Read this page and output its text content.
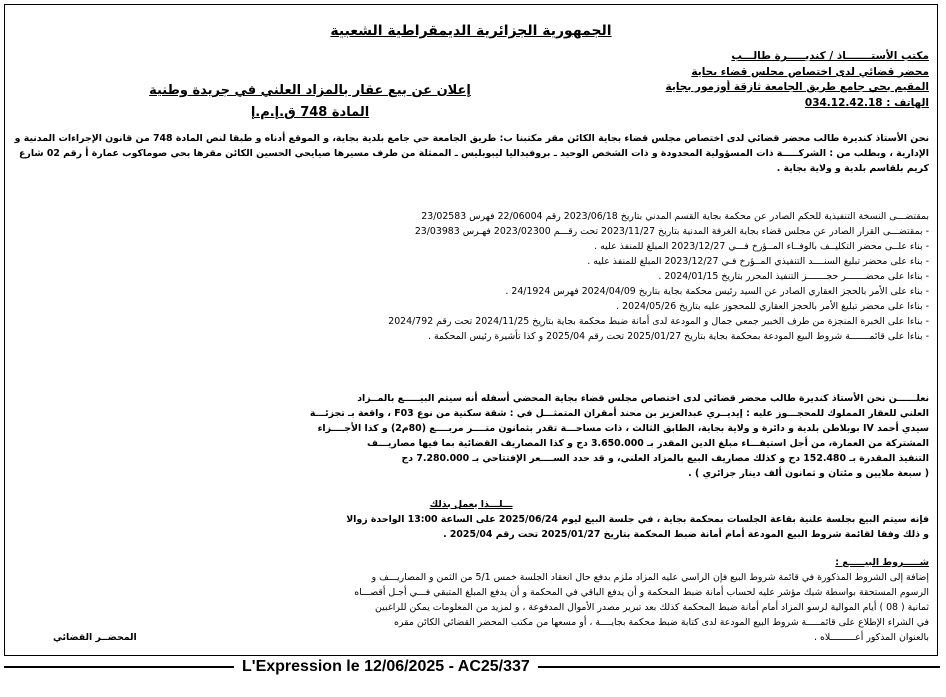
الجمهورية الجزائرية الديمقراطية الشعبية
مكتب الأستـــــــاذ / كنديـــــرة طالـــب
محضر قضائي لدى اختصاص مجلس قضاء بجاية
المقيم بحي جامع طريق الجامعة ثازقة أوزمور بجاية
الهاتف : 034.12.42.18
إعلان عن بيع عقار بالمزاد العلني في جريدة وطنية
المادة 748 ق.إ.م.إ
نحن الأستاذ كنديرة طالب محضر قضائي لدى اختصاص مجلس قضاء بجاية الكائن مقر مكتبنا ب: طريق الجامعة حي جامع بلدية بجاية، و الموقع أدناه و طبقا لنص المادة 748 من قانون الإجراءات المدنية و الإدارية ، وبطلب من : الشركـــــة ذات المسؤولية المحدودة و ذات الشخص الوحيد ـ بروفيداليا ليبوبليس ـ الممثلة من طرف مسيرها صيايحي الحسين الكائن مقرها بحي صوماكوب عمارة أ رقم 02 شارع كريم بلقاسم بلدية و ولاية بجاية .
بمقتضـــى النسخة التنفيذية للحكم الصادر عن محكمة بجاية القسم المدني بتاريخ 2023/06/18 رقم 22/06004 فهرس 23/02583
- بمقتضـــى القرار الصادر عن مجلس قضاء بجاية الغرفة المدنية بتاريخ 2023/11/27 تحت رقـــم 2023/02300 فهـرس 23/03983
- بناء علــى محضر التكليــف بالوفــاء المــؤرخ فـــي 2023/12/27 المبلغ للمنفذ عليه .
- بناء على محضر تبليغ السنــــد التنفيذي المــؤرخ فـي 2023/12/27 المبلغ للمنفذ عليه .
- بناءا على محضـــــــر حجـــــــز التنفيذ المحرر بتاريخ 2024/01/15 .
- بناء على الأمر بالحجز العقاري الصادر عن السيد رئيس محكمة بجاية بتاريخ 2024/04/09 فهرس 24/1924 .
- بناءا على محضر تبليغ الأمر بالحجز العقاري للمحجوز عليه بتاريخ 2024/05/26 .
- بناءا على الخبرة المنجزة من طرف الخبير جمعي جمال و المودعة لدى أمانة ضبط محكمة بجاية بتاريخ 2024/11/25 تحت رقم 2024/792
- بناءا على قائمـــــــة شروط البيع المودعة بمحكمة بجاية بتاريخ 2025/01/27 تحت رقم 2025/04 و كذا تأشيرة رئيس المحكمة .
نعلــــــن نحن الأستاذ كنديرة طالب محضر قضائي لدى اختصاص مجلس قضاء بجاية المحضي أسفله أنه سيتم البيـــــع بالمــزاد
العلني للعقار المملوك للمحجـــوز عليه : إيديــري عبدالعزيز بن محند أمقران المتمثـــل في : شقة سكنية من نوع F03 ، واقعة بـ تجزئـــة
سيدي أحمد IV بوبلاطن بلدية و دائرة و ولاية بجاية، الطابق الثالث ، ذات مساحـــة تقدر بثمانون متــــر مربــــع (80م2) و كذا الأجــــزاء
المشتركة من العمارة، من أجل استيفـــاء مبلغ الدين المقدر بـ 3.650.000 دج و كذا المصاريف القضائية بما فيها مصاريـــف
التنفيذ المقدرة بـ 152.480 دج و كذلك مصاريف البيع بالمزاد العلني، و قد حدد الســــعر الإفتتاحي بـ 7.280.000 دج
( سبعة ملايين و مئتان و ثمانون ألف دينار جزائري ) .
ـــلـــذا يعمل بذلك
فإنه سيتم البيع بجلسة علنية بقاعة الجلسات بمحكمة بجاية ، في جلسة البيع ليوم 2025/06/24 على الساعة 13:00 الواحدة زوالا
و ذلك وفقا لقائمة شروط البيع المودعة أمام أمانة ضبط المحكمة بتاريخ 2025/01/27 تحت رقم 2025/04 .
شـــــروط البيـــــع :
إضافة إلى الشروط المذكورة في قائمة شروط البيع فإن الراسي عليه المزاد ملزم بدفع حال انعقاد الجلسة خمس 5/1 من الثمن و المصاريـــف و
الرسوم المستحقة بواسطة شيك مؤشر عليه لحساب أمانة ضبط المحكمة و أن يدفع الباقي في المحكمة و أن يدفع المبلغ المتبقي فـــي أجـل أقصـــاه
ثمانية ( 08 ) أيام الموالية لرسو المزاد أمام أمانة ضبط المحكمة كذلك بعد تبرير مصدر الأموال المدفوعة ، و لمزيد من المعلومات يمكن للراغبين
في الشراء الإطلاع على قائمـــــة شروط البيع المودعة لدى كتابة ضبط محكمة بجايــــة ، أو مسعها من مكتب المحضر القضائي الكائن مقره
بالعنوان المذكور أعـــــــــلاه .
المحضــر القضائي
L'Expression le 12/06/2025 - AC25/337
